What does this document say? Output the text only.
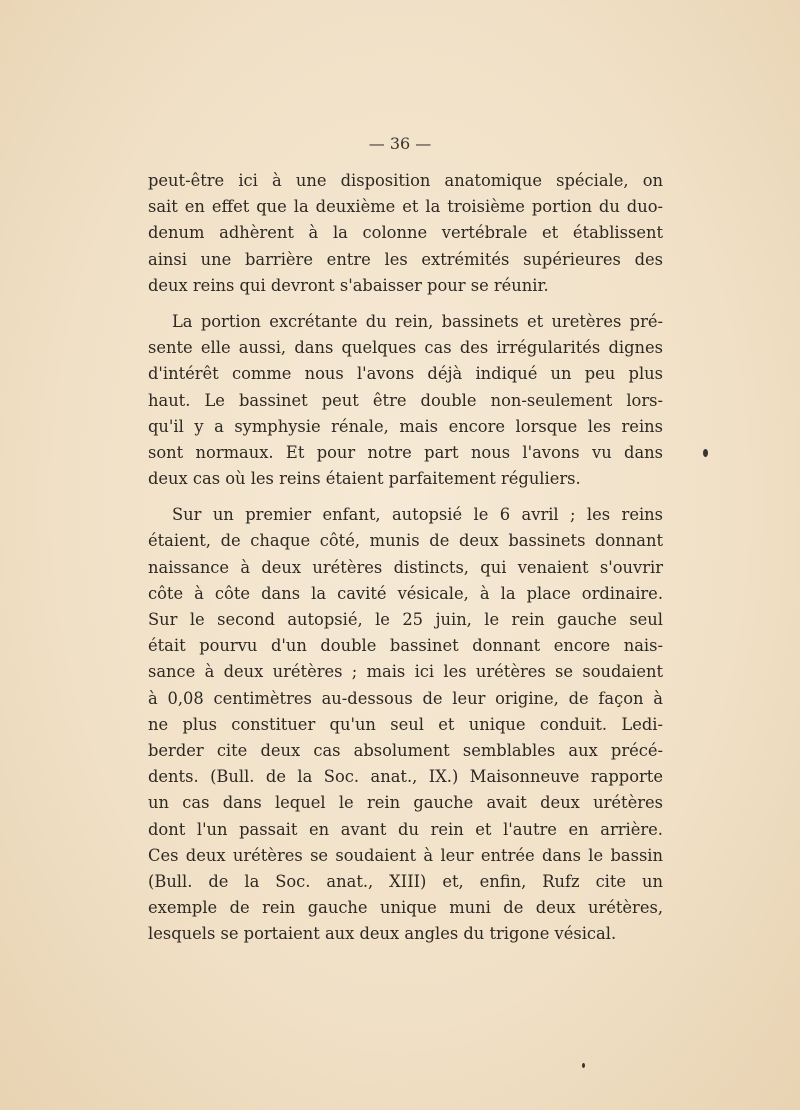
— 36 —
peut-être ici à une disposition anatomique spéciale, on
sait en effet que la deuxième et la troisième portion du duo-
denum adhèrent à la colonne vertébrale et établissent
ainsi une barrière entre les extrémités supérieures des
deux reins qui devront s'abaisser pour se réunir.
La portion excrétante du rein, bassinets et uretères pré-
sente elle aussi, dans quelques cas des irrégularités dignes
d'intérêt comme nous l'avons déjà indiqué un peu plus
haut. Le bassinet peut être double non-seulement lors-
qu'il y a symphysie rénale, mais encore lorsque les reins
sont normaux. Et pour notre part nous l'avons vu dans
deux cas où les reins étaient parfaitement réguliers.
Sur un premier enfant, autopsié le 6 avril ; les reins
étaient, de chaque côté, munis de deux bassinets donnant
naissance à deux urétères distincts, qui venaient s'ouvrir
côte à côte dans la cavité vésicale, à la place ordinaire.
Sur le second autopsié, le 25 juin, le rein gauche seul
était pourvu d'un double bassinet donnant encore nais-
sance à deux urétères ; mais ici les urétères se soudaient
à 0,08 centimètres au-dessous de leur origine, de façon à
ne plus constituer qu'un seul et unique conduit. Ledi-
berder cite deux cas absolument semblables aux précé-
dents. (Bull. de la Soc. anat., IX.) Maisonneuve rapporte
un cas dans lequel le rein gauche avait deux urétères
dont l'un passait en avant du rein et l'autre en arrière.
Ces deux urétères se soudaient à leur entrée dans le bassin
(Bull. de la Soc. anat., XIII) et, enfin, Rufz cite un
exemple de rein gauche unique muni de deux urétères,
lesquels se portaient aux deux angles du trigone vésical.
